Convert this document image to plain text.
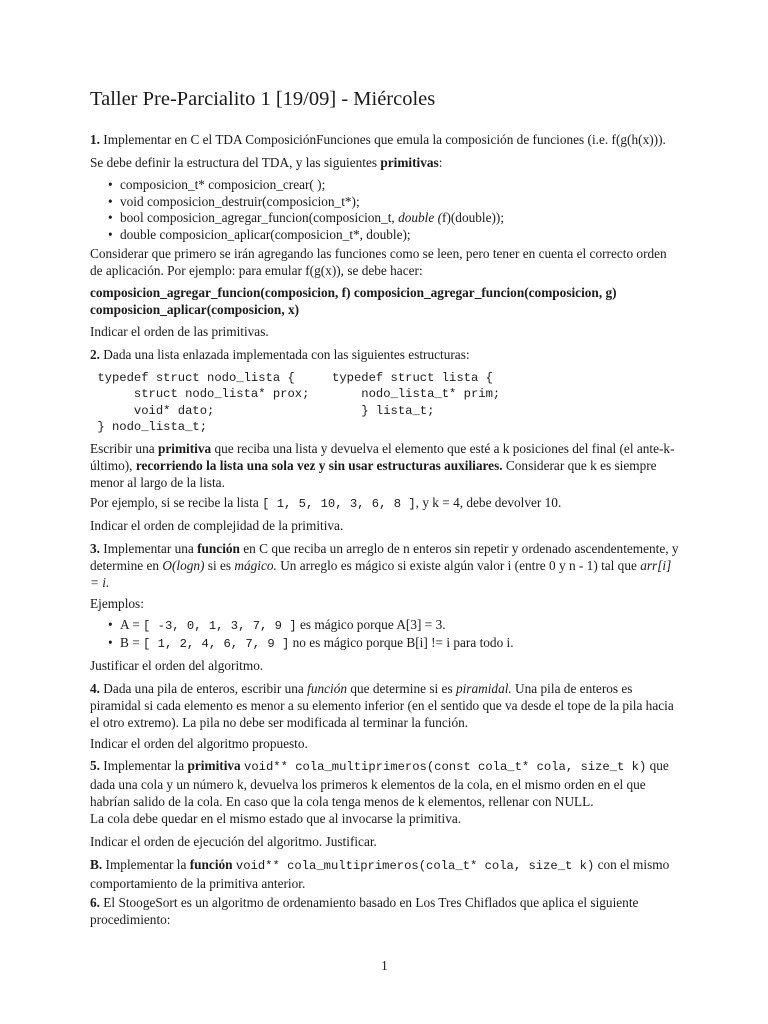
Taller Pre-Parcialito 1 [19/09] - Miércoles

1. Implementar en C el TDA ComposiciónFunciones que emula la composición de funciones (i.e. f(g(h(x))).

Se debe definir la estructura del TDA, y las siguientes primitivas:

• composicion_t* composicion_crear( );
• void composicion_destruir(composicion_t*);
• bool composicion_agregar_funcion(composicion_t, double (f)(double));
• double composicion_aplicar(composicion_t*, double);

Considerar que primero se irán agregando las funciones como se leen, pero tener en cuenta el correcto orden de aplicación. Por ejemplo: para emular f(g(x)), se debe hacer:

composicion_agregar_funcion(composicion, f) composicion_agregar_funcion(composicion, g) composicion_aplicar(composicion, x)

Indicar el orden de las primitivas.

2. Dada una lista enlazada implementada con las siguientes estructuras:

typedef struct nodo_lista {
struct nodo_lista* prox;
void* dato;
} nodo_lista_t;
typedef struct lista {
nodo_lista_t* prim;
} lista_t;

Escribir una primitiva que reciba una lista y devuelva el elemento que esté a k posiciones del final (el ante-k-último), recorriendo la lista una sola vez y sin usar estructuras auxiliares. Considerar que k es siempre menor al largo de la lista.

Por ejemplo, si se recibe la lista [ 1, 5, 10, 3, 6, 8 ], y k = 4, debe devolver 10.

Indicar el orden de complejidad de la primitiva.

3. Implementar una función en C que reciba un arreglo de n enteros sin repetir y ordenado ascendentemente, y determine en O(logn) si es mágico. Un arreglo es mágico si existe algún valor i (entre 0 y n - 1) tal que arr[i] = i.

Ejemplos:

• A = [ -3, 0, 1, 3, 7, 9 ] es mágico porque A[3] = 3.
• B = [ 1, 2, 4, 6, 7, 9 ] no es mágico porque B[i] != i para todo i.

Justificar el orden del algoritmo.

4. Dada una pila de enteros, escribir una función que determine si es piramidal. Una pila de enteros es piramidal si cada elemento es menor a su elemento inferior (en el sentido que va desde el tope de la pila hacia el otro extremo). La pila no debe ser modificada al terminar la función.

Indicar el orden del algoritmo propuesto.

5. Implementar la primitiva void** cola_multiprimeros(const cola_t* cola, size_t k) que dada una cola y un número k, devuelva los primeros k elementos de la cola, en el mismo orden en el que habrían salido de la cola. En caso que la cola tenga menos de k elementos, rellenar con NULL.

La cola debe quedar en el mismo estado que al invocarse la primitiva.

Indicar el orden de ejecución del algoritmo. Justificar.

B. Implementar la función void** cola_multiprimeros(cola_t* cola, size_t k) con el mismo comportamiento de la primitiva anterior.

6. El StoogeSort es un algoritmo de ordenamiento basado en Los Tres Chiflados que aplica el siguiente procedimiento:

1
